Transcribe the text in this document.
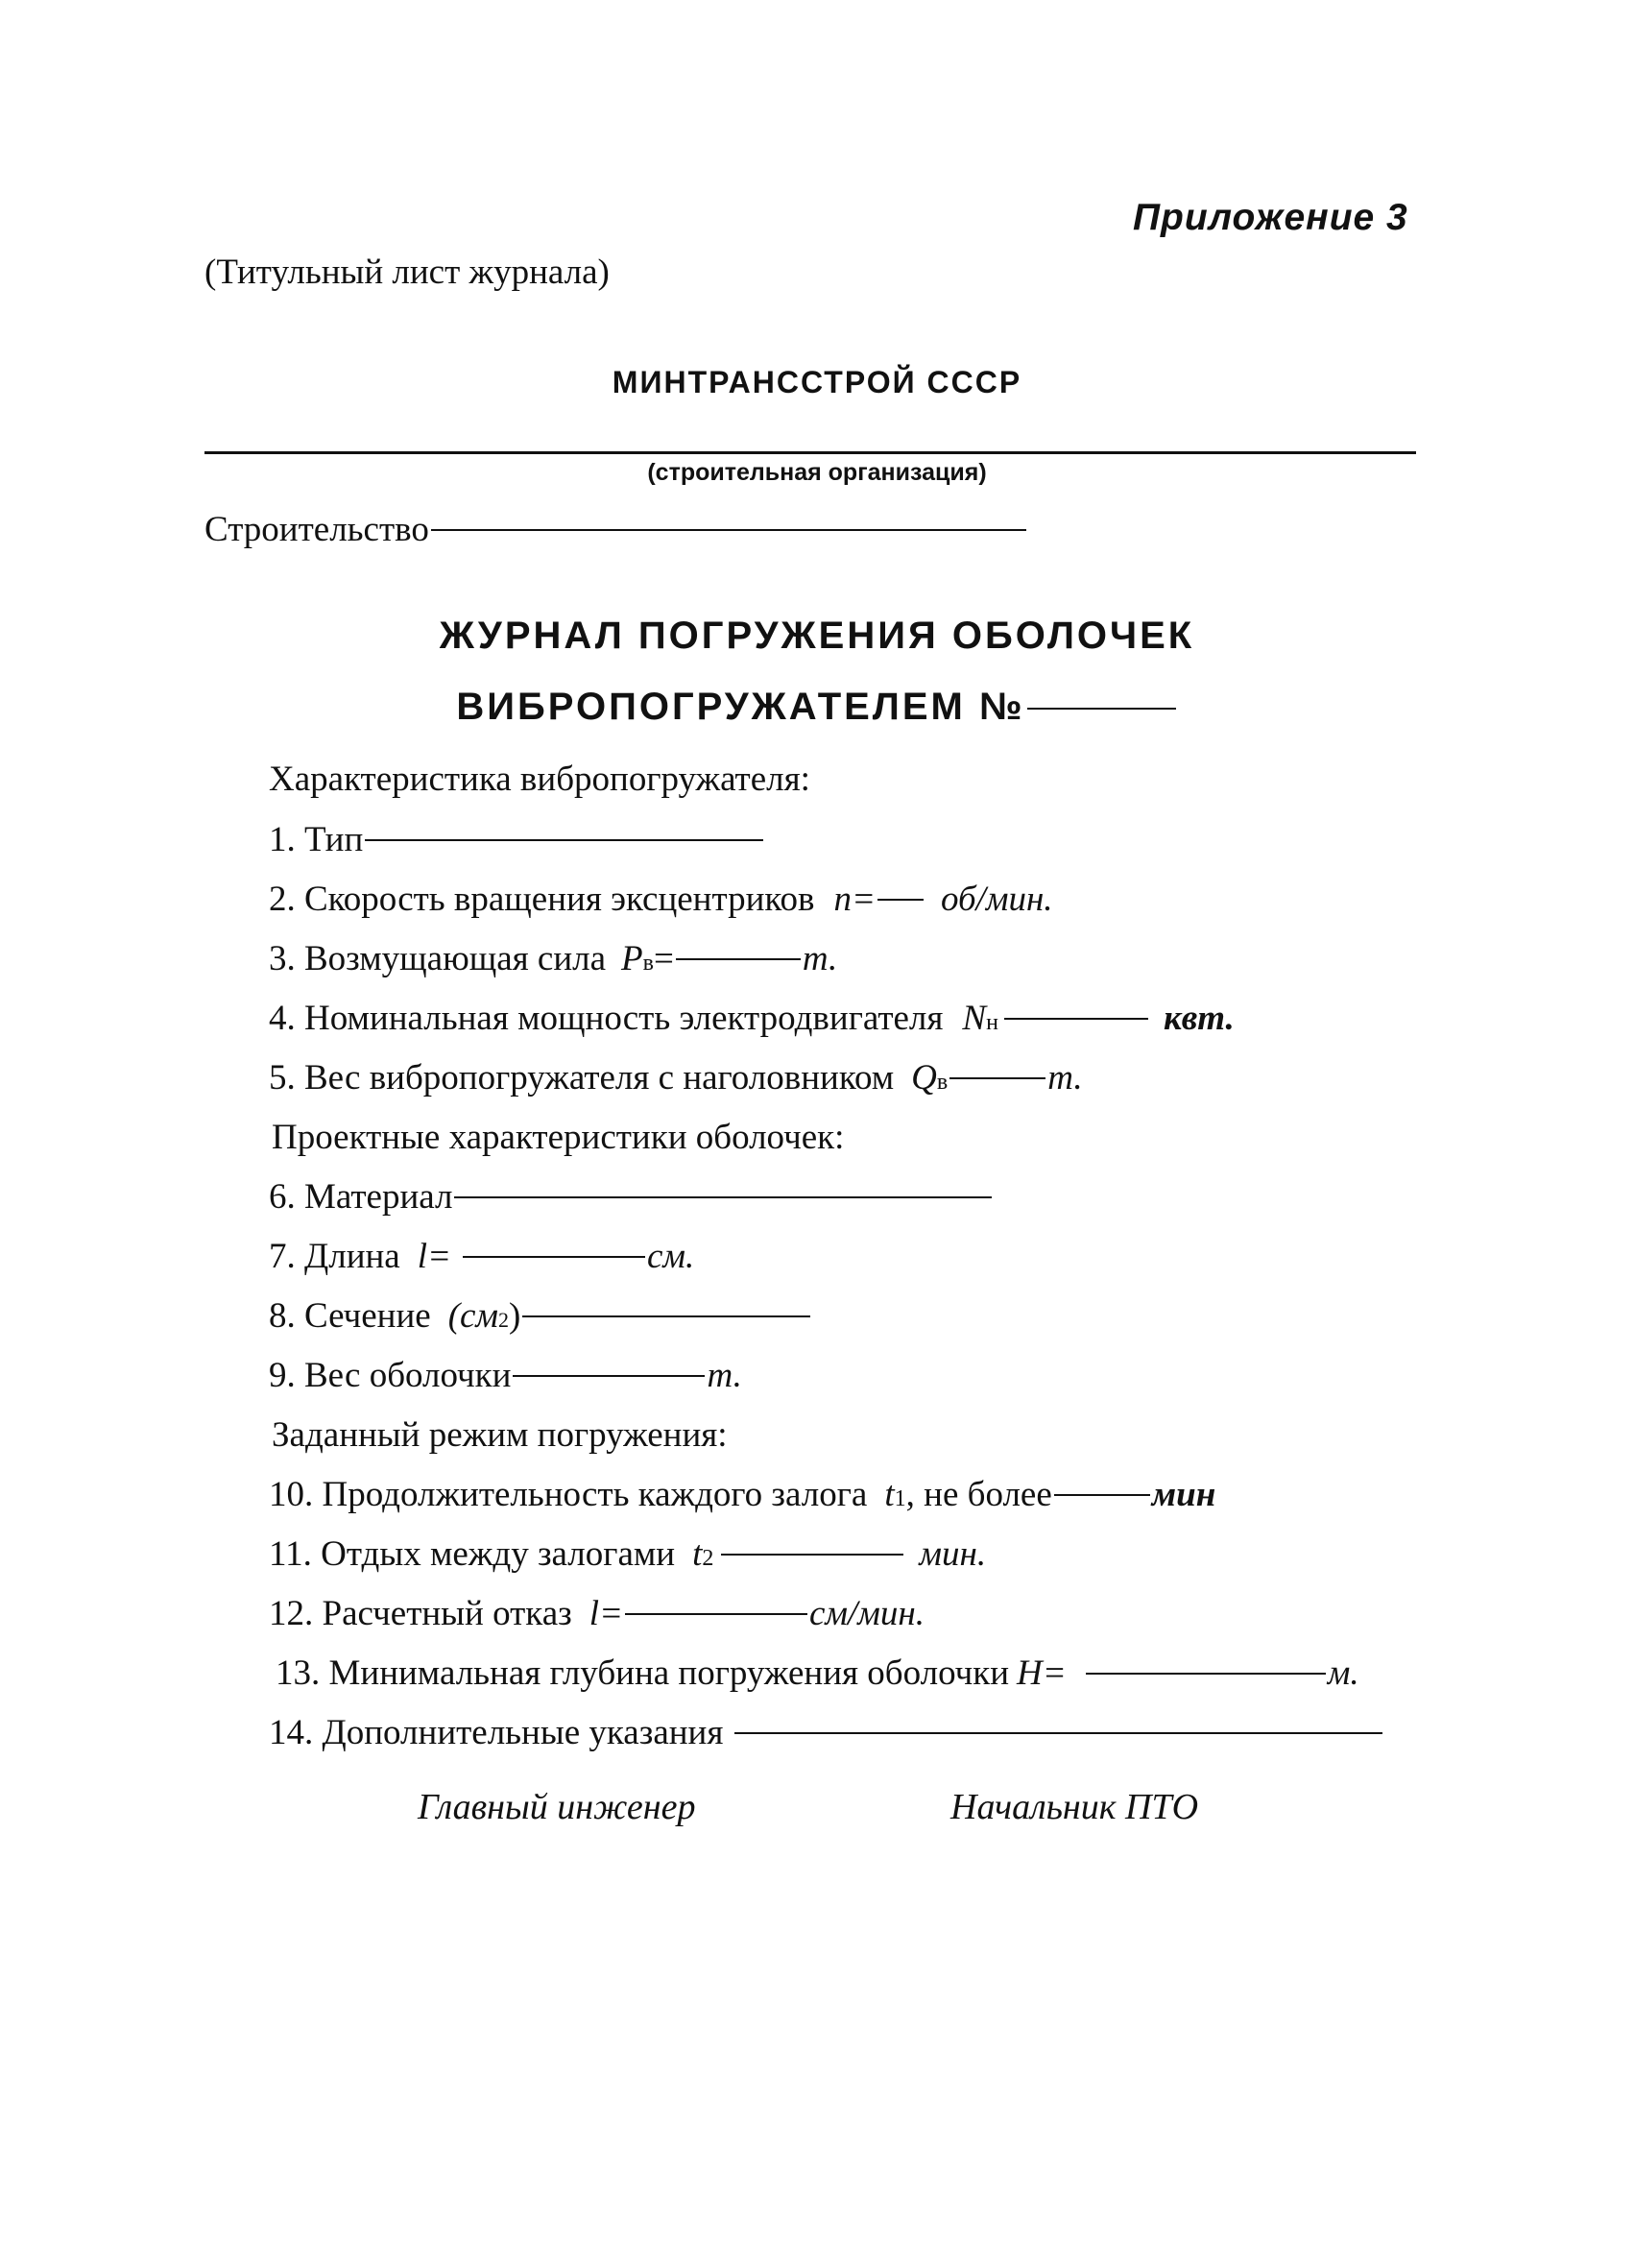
Приложение 3
(Титульный лист журнала)
МИНТРАНССТРОЙ СССР
(строительная организация)
Строительство
ЖУРНАЛ ПОГРУЖЕНИЯ ОБОЛОЧЕК
ВИБРОПОГРУЖАТЕЛЕМ №
Характеристика вибропогружателя:
1. Тип
2. Скорость вращения эксцентриков n= об/мин.
3. Возмущающая сила P в =	т.
4. Номинальная мощность электродвигателя N н	квт.
5. Вес вибропогружателя с наголовником Q в	т.
Проектные характеристики оболочек:
6. Материал
7. Длина l=	см.
8. Сечение (см 2 )
9. Вес оболочки	т.
Заданный режим погружения:
10. Продолжительность каждого залога t 1 , не более	мин
11. Отдых между залогами t 2	мин.
12. Расчетный отказ l=	см/мин.
13. Минимальная глубина погружения оболочки H=	м.
14. Дополнительные указания
Главный инженер	Начальник ПТО
